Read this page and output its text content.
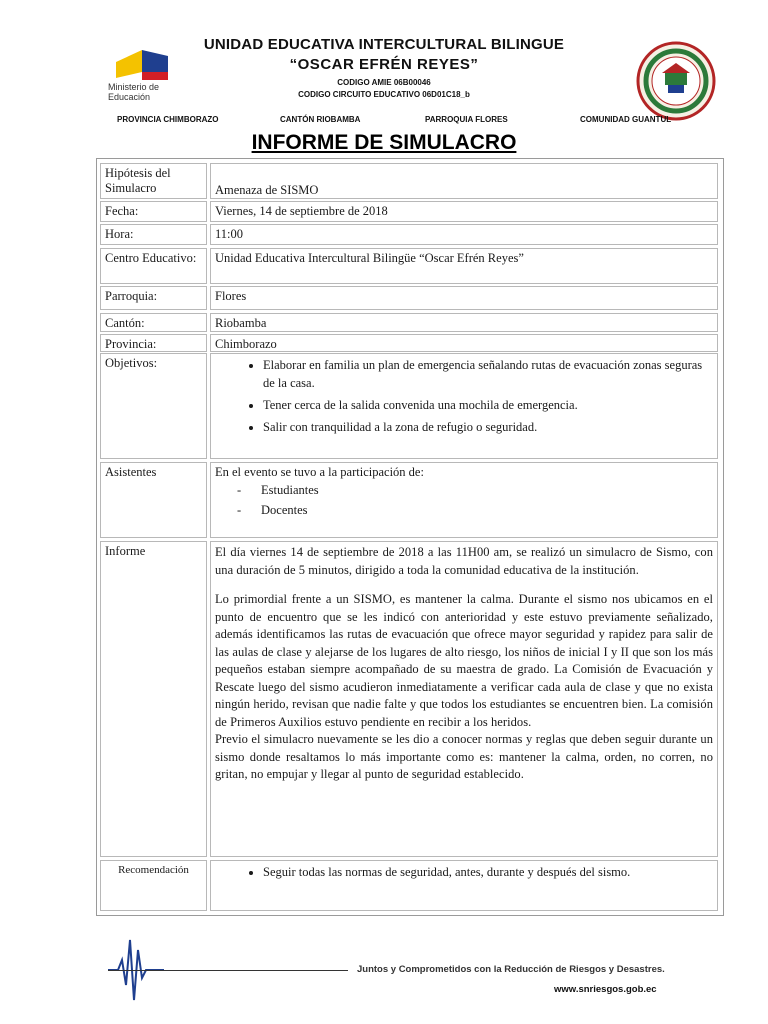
Ministerio de Educación
UNIDAD EDUCATIVA INTERCULTURAL BILINGUE
“OSCAR EFRÉN REYES”
CODIGO AMIE 06B00046
CODIGO CIRCUITO EDUCATIVO 06D01C18_b
PROVINCIA CHIMBORAZO	CANTÓN RIOBAMBA	PARROQUIA FLORES	COMUNIDAD GUANTUL
INFORME DE SIMULACRO
Hipótesis del Simulacro	Amenaza de SISMO
Fecha:	Viernes, 14 de septiembre de 2018
Hora:	11:00
Centro Educativo:	Unidad Educativa Intercultural Bilingüe “Oscar Efrén Reyes”
Parroquia:	Flores
Cantón:	Riobamba
Provincia:	Chimborazo
Objetivos:	• Elaborar en familia un plan de emergencia señalando rutas de evacuación zonas seguras de la casa.
• Tener cerca de la salida convenida una mochila de emergencia.
• Salir con tranquilidad a la zona de refugio o seguridad.
Asistentes	En el evento se tuvo a la participación de:
- Estudiantes
- Docentes
Informe	El día viernes 14 de septiembre de 2018 a las 11H00 am, se realizó un simulacro de Sismo, con una duración de 5 minutos, dirigido a toda la comunidad educativa de la institución.

Lo primordial frente a un SISMO, es mantener la calma. Durante el sismo nos ubicamos en el punto de encuentro que se les indicó con anterioridad y este estuvo previamente señalizado, además identificamos las rutas de evacuación que ofrece mayor seguridad y rapidez para salir de las aulas de clase y alejarse de los lugares de alto riesgo, los niños de inicial I y II que son los más pequeños estaban siempre acompañado de su maestra de grado. La Comisión de Evacuación y Rescate luego del sismo acudieron inmediatamente a verificar cada aula de clase y que no exista ningún herido, revisan que nadie falte y que todos los estudiantes se encuentren bien. La comisión de Primeros Auxilios estuvo pendiente en recibir a los heridos.

Previo el simulacro nuevamente se les dio a conocer normas y reglas que deben seguir durante un sismo donde resaltamos lo más importante como es: mantener la calma, orden, no corren, no gritan, no empujar y llegar al punto de seguridad establecido.

Recomendación	• Seguir todas las normas de seguridad, antes, durante y después del sismo.
Juntos y Comprometidos con la Reducción de Riesgos y Desastres.
www.snriesgos.gob.ec
